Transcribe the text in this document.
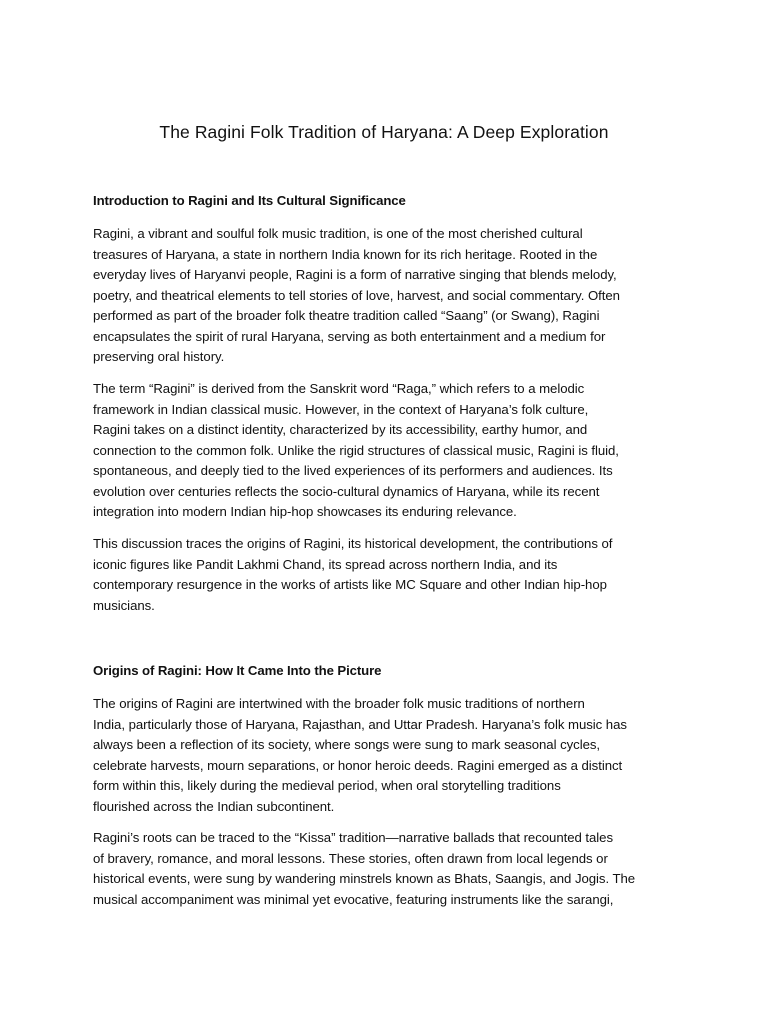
The Ragini Folk Tradition of Haryana: A Deep Exploration
Introduction to Ragini and Its Cultural Significance

Ragini, a vibrant and soulful folk music tradition, is one of the most cherished cultural
treasures of Haryana, a state in northern India known for its rich heritage. Rooted in the
everyday lives of Haryanvi people, Ragini is a form of narrative singing that blends melody,
poetry, and theatrical elements to tell stories of love, harvest, and social commentary. Often
performed as part of the broader folk theatre tradition called “Saang” (or Swang), Ragini
encapsulates the spirit of rural Haryana, serving as both entertainment and a medium for
preserving oral history.

The term “Ragini” is derived from the Sanskrit word “Raga,” which refers to a melodic
framework in Indian classical music. However, in the context of Haryana’s folk culture,
Ragini takes on a distinct identity, characterized by its accessibility, earthy humor, and
connection to the common folk. Unlike the rigid structures of classical music, Ragini is fluid,
spontaneous, and deeply tied to the lived experiences of its performers and audiences. Its
evolution over centuries reflects the socio-cultural dynamics of Haryana, while its recent
integration into modern Indian hip-hop showcases its enduring relevance.

This discussion traces the origins of Ragini, its historical development, the contributions of
iconic figures like Pandit Lakhmi Chand, its spread across northern India, and its
contemporary resurgence in the works of artists like MC Square and other Indian hip-hop
musicians.

Origins of Ragini: How It Came Into the Picture

The origins of Ragini are intertwined with the broader folk music traditions of northern
India, particularly those of Haryana, Rajasthan, and Uttar Pradesh. Haryana’s folk music has
always been a reflection of its society, where songs were sung to mark seasonal cycles,
celebrate harvests, mourn separations, or honor heroic deeds. Ragini emerged as a distinct
form within this, likely during the medieval period, when oral storytelling traditions
flourished across the Indian subcontinent.

Ragini’s roots can be traced to the “Kissa” tradition—narrative ballads that recounted tales
of bravery, romance, and moral lessons. These stories, often drawn from local legends or
historical events, were sung by wandering minstrels known as Bhats, Saangis, and Jogis. The
musical accompaniment was minimal yet evocative, featuring instruments like the sarangi,
